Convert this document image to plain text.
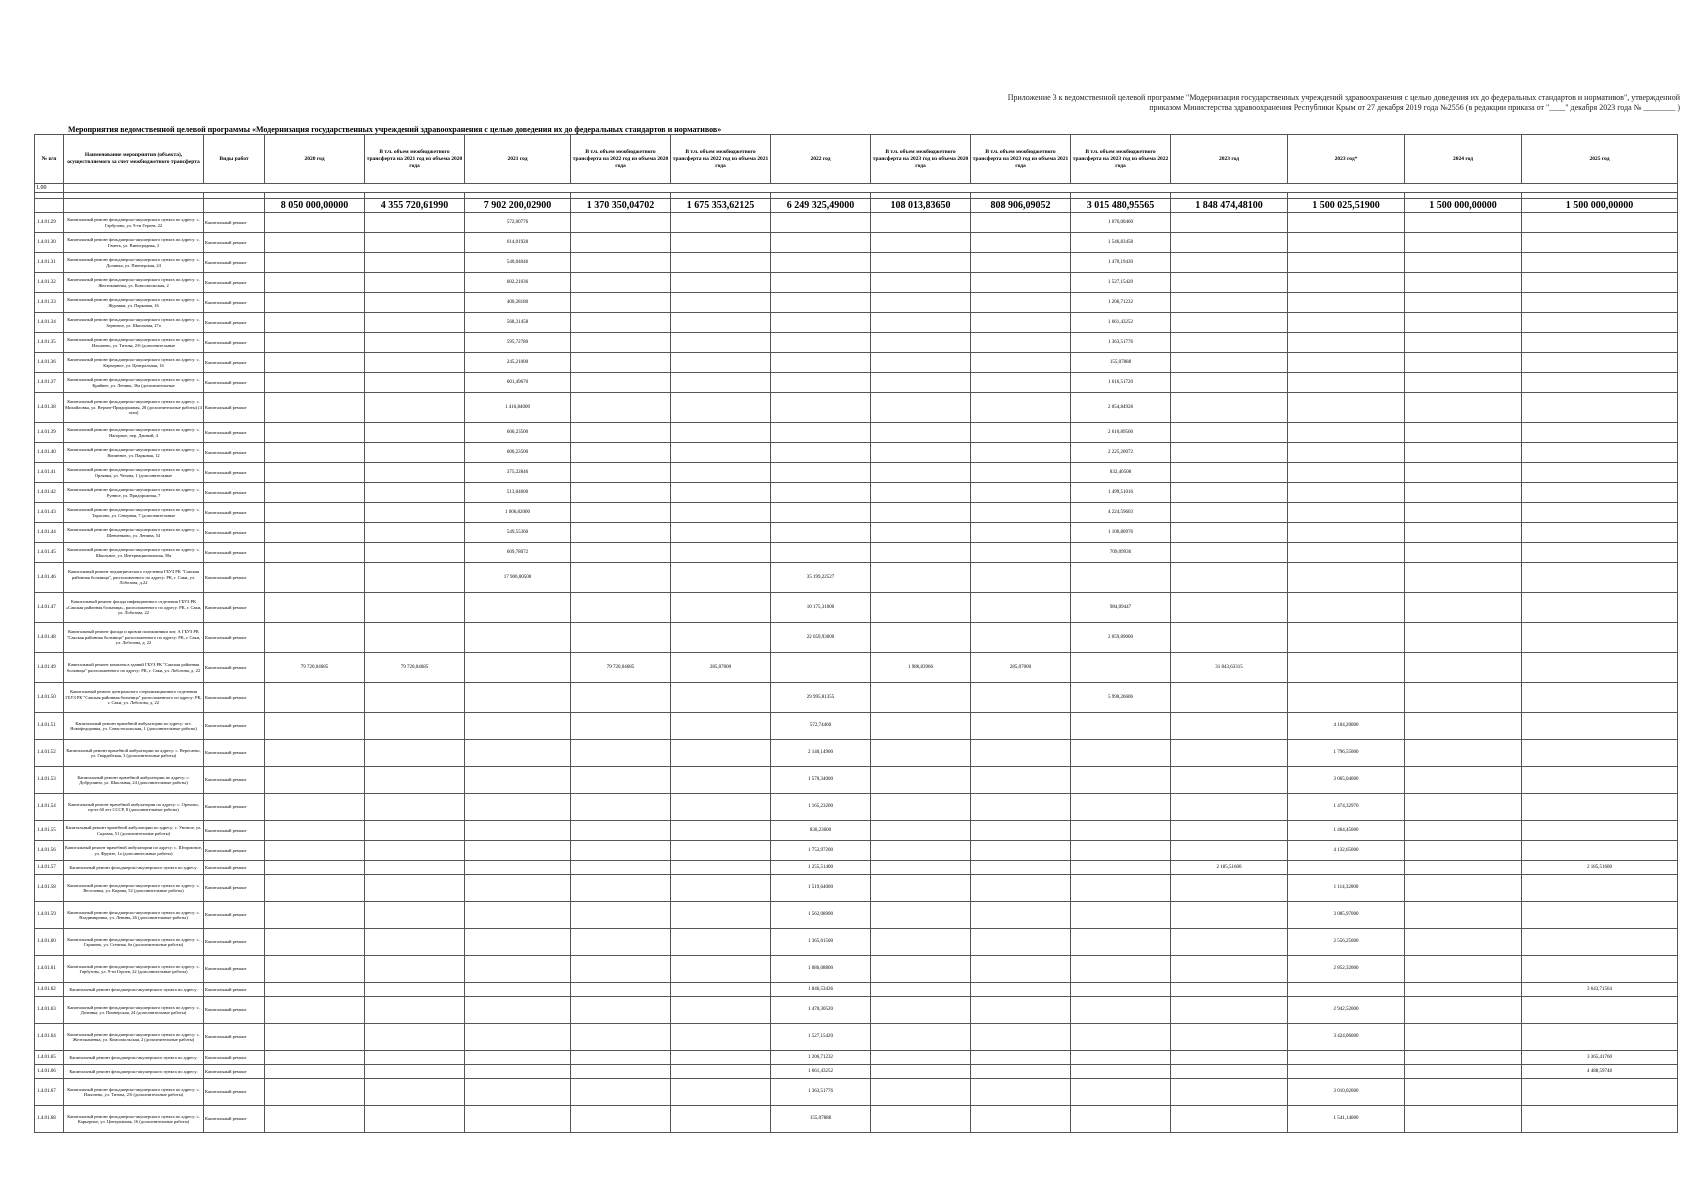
Приложение 3 к ведомственной целевой программе "Модернизация государственных учреждений здравоохранения с целью доведения их до федеральных стандартов и нормативов", утвержденной приказом Министерства здравоохранения Республики Крым от 27 декабря 2019 года №2556 (в редакции приказа от "____" декабря 2023 года № ________ )
Мероприятия ведомственной целевой программы «Модернизация государственных учреждений здравоохранения с целью доведения их до федеральных стандартов и нормативов»
№ п/п	Наименование мероприятия (объекта), осуществляемого за счет межбюджетного трансферта	Виды работ	2020 год	В т.ч. объем межбюджетного трансферта на 2021 год из объема 2020 года	2021 год	В т.ч. объем межбюджетного трансферта на 2022 год из объема 2020 года	В т.ч. объем межбюджетного трансферта на 2022 год из объема 2021 года	2022 год	В т.ч. объем межбюджетного трансферта на 2023 год из объема 2020 года	В т.ч. объем межбюджетного трансферта на 2023 год из объема 2021 года	В т.ч. объем межбюджетного трансферта на 2023 год из объема 2022 года	2023 год	2023 год*	2024 год	2025 год
1.00															

			8 050 000,00000	4 355 720,61990	7 902 200,02900	1 370 350,04702	1 675 353,62125	6 249 325,49000	108 013,83650	808 906,09052	3 015 480,95565	1 848 474,48100	1 500 025,51900	1 500 000,00000	1 500 000,00000
1.4.01.29	Капитальный ремонт фельдшерско-акушерского пункта по адресу: с. Гарбузово, ул. 9-ти Героев, 22	Капитальный ремонт			572,00776						1 076,00460				
1.4.01.30	Капитальный ремонт фельдшерско-акушерского пункта по адресу: с. Гвиеть, ул. Виноградная, 3	Капитальный ремонт			614,01928						1 546,83458				
1.4.01.31	Капитальный ремонт фельдшерско-акушерского пункта по адресу: с. Долинка, ул. Пионерская, 24	Капитальный ремонт			540,04046						1 470,19430				
1.4.01.32	Капитальный ремонт фельдшерско-акушерского пункта по адресу: с. Желтокаменка, ул. Комсомольская, 2	Капитальный ремонт			602,21036						1 527,15420				
1.4.01.33	Капитальный ремонт фельдшерско-акушерского пункта по адресу: с. Журавки, ул. Парковая, 16	Капитальный ремонт			400,28180						1 206,71232				
1.4.01.34	Капитальный ремонт фельдшерско-акушерского пункта по адресу: с. Зерновое, ул. Школьная, 27а	Капитальный ремонт			568,31458						1 661,43252				
1.4.01.35	Капитальный ремонт фельдшерско-акушерского пункта по адресу: с. Ильичево, ул. Титова, 2/6 (дополнительные	Капитальный ремонт			595,72780						1 363,51776				
1.4.01.36	Капитальный ремонт фельдшерско-акушерского пункта по адресу: с. Карьерное, ул. Центральная, 16	Капитальный ремонт			245,21000						155,07888				
1.4.01.37	Капитальный ремонт фельдшерско-акушерского пункта по адресу: с. Крайнее, ул. Ленина, 36а (дополнительные	Капитальный ремонт			601,49670						1 616,51720				
1.4.01.38	Капитальный ремонт фельдшерско-акушерского пункта по адресу: с. Михайловка, ул. Верхне-Придорожная, 28 (дополнительные работы) (4 этап)	Капитальный ремонт			1 416,84000						2 054,84928				
1.4.01.39	Капитальный ремонт фельдшерско-акушерского пункта по адресу: с. Нагорное, пер. Дачный, 4	Капитальный ремонт			600,23500						2 610,89560				
1.4.01.40	Капитальный ремонт фельдшерско-акушерского пункта по адресу: с. Низинное, ул. Парковая, 12	Капитальный ремонт			600,23500						2 225,20072				
1.4.01.41	Капитальный ремонт фельдшерско-акушерского пункта по адресу: с. Орлянка, ул. Чехова, 1 (дополнительные	Капитальный ремонт			375,22846						832,40508				
1.4.01.42	Капитальный ремонт фельдшерско-акушерского пункта по адресу: с. Рунное, ул. Придорожная, 7	Капитальный ремонт			513,04600						1 499,51016				
1.4.01.43	Капитальный ремонт фельдшерско-акушерского пункта по адресу: с. Тарасово, ул. Северная, 7 (дополнительные	Капитальный ремонт			1 006,82000						4 224,59603				
1.4.01.44	Капитальный ремонт фельдшерско-акушерского пункта по адресу: с. Шевченково, ул. Ленина, 54	Капитальный ремонт			549,55360						1 100,80976				
1.4.01.45	Капитальный ремонт фельдшерско-акушерского пункта по адресу: с. Школьное, ул. Интернациональная, 58а	Капитальный ремонт			609,78072						709,09936				
1.4.01.46	Капитальный ремонт педиатрического отделения ГБУЗ РК "Сакская районная больница", расположенного по адресу: РК, г. Саки, ул. Лобозова, д.22	Капитальный ремонт			17 900,00500			35 199,22527							
1.4.01.47	Капитальный ремонт фасада инфекционного отделения ГБУЗ РК «Сакская районная больница», расположенного по адресу: РК, г. Саки, ул. Лобозова, 22	Капитальный ремонт						10 175,31000			984,09447				
1.4.01.48	Капитальный ремонт фасада и кровли поликлиники лит. А ГБУЗ РК "Сакская районная больница" расположенного по адресу: РК, г. Саки, ул. Лобозова, д. 22	Капитальный ремонт						22 659,93000			2 059,89000				
1.4.01.49	Капитальный ремонт комплекса зданий ГБУЗ РК "Сакская районная больница" расположенного по адресу: РК, г. Саки, ул. Лобозова, д. 22	Капитальный ремонт	79 720,04685	79 720,04685		79 720,04685	285,07000		1 986,83966	285,07000		31 843,63315			
1.4.01.50	Капитальный ремонт центрального стерилизационного отделения ГБУЗ РК "Сакская районная больница" расположенного по адресу: РК, г. Саки, ул. Лобозова, д. 22	Капитальный ремонт						29 995,81355			5 990,26606				
1.4.01.51	Капитальный ремонт врачебной амбулатории по адресу: пгт. Новофедоровка, ул. Севастопольская, 1 (дополнительные работы)	Капитальный ремонт						572,74460					4 104,20000		
1.4.01.52	Капитальный ремонт врачебной амбулатории по адресу: с. Вересаево, ул. Гвардейская, 3 (дополнительные работы)	Капитальный ремонт						2 140,14900					1 796,55000		
1.4.01.53	Капитальный ремонт врачебной амбулатории по адресу: с. Добрушино, ул. Школьная, 24 (дополнительные работы)	Капитальный ремонт						1 570,34000					3 065,04000		
1.4.01.54	Капитальный ремонт врачебной амбулатории по адресу: с. Орехово, пр-кт 60 лет СССР, 8 (дополнительные работы)	Капитальный ремонт						1 165,23200					1 474,32970		
1.4.01.55	Капитальный ремонт врачебной амбулатории по адресу: с. Уютное, ул. Садовая, 51 (дополнительные работы)	Капитальный ремонт						830,23600					1 464,45000		
1.4.01.56	Капитальный ремонт врачебной амбулатории по адресу: с. Штормовое, ул. Фрунзе, 1а (дополнительные работы)	Капитальный ремонт						1 753,97200					4 132,65000		
1.4.01.57	Капитальный ремонт фельдшерско-акушерского пункта по адресу:	Капитальный ремонт						1 255,51400				2 185,51600			2 185,51600
1.4.01.58	Капитальный ремонт фельдшерско-акушерского пункта по адресу: с. Веселовка, ул. Кирова, 52 (дополнительные работы)	Капитальный ремонт						1 519,64000					1 114,32000		
1.4.01.59	Капитальный ремонт фельдшерско-акушерского пункта по адресу: с. Владимировка, ул. Ленина, 26 (дополнительные работы)	Капитальный ремонт						1 562,08900					3 085,97000		
1.4.01.60	Капитальный ремонт фельдшерско-акушерского пункта по адресу: с. Гаршино, ул. Степная, 6а (дополнительные работы)	Капитальный ремонт						1 365,01500					2 556,25000		
1.4.01.61	Капитальный ремонт фельдшерско-акушерского пункта по адресу: с. Гарбузово, ул. 9-ти Героев, 22 (дополнительные работы)	Капитальный ремонт						1 086,08800					2 852,32000		
1.4.01.62	Капитальный ремонт фельдшерско-акушерского пункта по адресу:	Капитальный ремонт						1 846,53436							3 643,71564
1.4.01.63	Капитальный ремонт фельдшерско-акушерского пункта по адресу: с. Долинка, ул. Пионерская, 24 (дополнительные работы)	Капитальный ремонт						1 470,30520					2 942,52000		
1.4.01.64	Капитальный ремонт фельдшерско-акушерского пункта по адресу: с. Желтокаменка, ул. Комсомольская, 2 (дополнительные работы)	Капитальный ремонт						1 527,15420					3 424,06000		
1.4.01.65	Капитальный ремонт фельдшерско-акушерского пункта по адресу:	Капитальный ремонт						1 206,71232							3 365,41760
1.4.01.66	Капитальный ремонт фельдшерско-акушерского пункта по адресу:	Капитальный ремонт						1 661,43252							4 488,59748
1.4.01.67	Капитальный ремонт фельдшерско-акушерского пункта по адресу: с. Ильичево, ул. Титова, 2/6 (дополнительные работы)	Капитальный ремонт						1 363,51776					3 010,02000		
1.4.01.68	Капитальный ремонт фельдшерско-акушерского пункта по адресу: с. Карьерное, ул. Центральная, 16 (дополнительные работы)	Капитальный ремонт						155,07888					1 541,14000		
